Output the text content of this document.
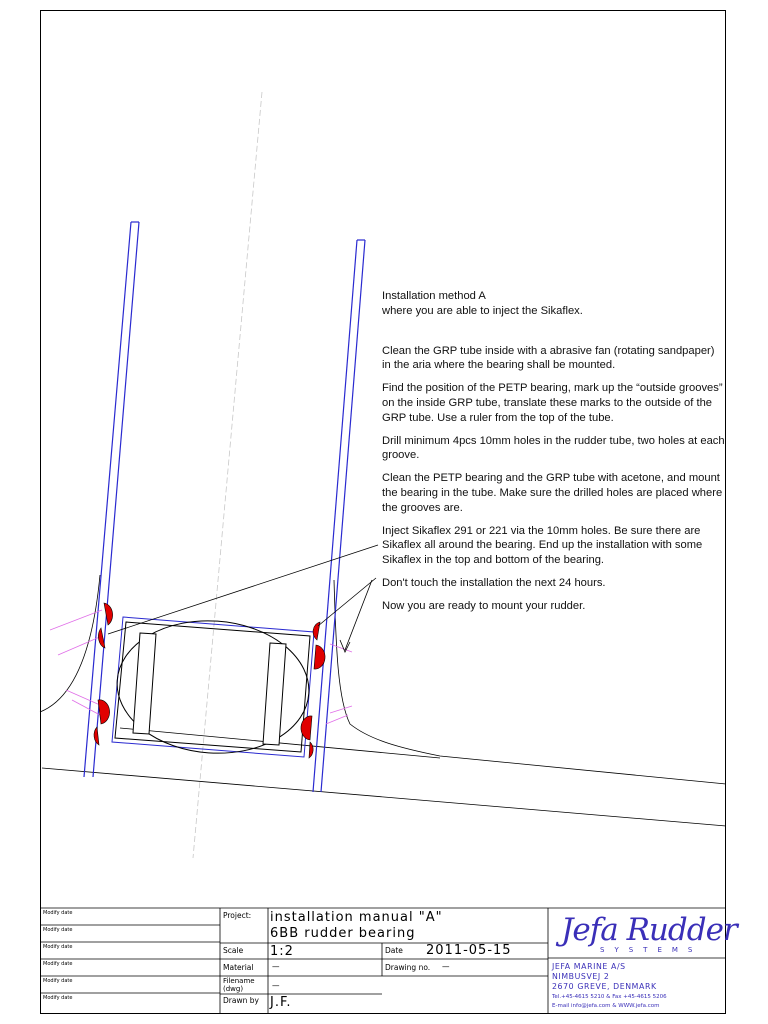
Installation method A

where you are able to inject the Sikaflex.

Clean the GRP tube inside with a abrasive fan (rotating sandpaper) in the aria where the bearing shall be mounted.

Find the position of the PETP bearing, mark up the “outside grooves” on the inside GRP tube, translate these marks to the outside of the GRP tube. Use a ruler from the top of the tube.

Drill minimum 4pcs 10mm holes in the rudder tube, two holes at each groove.

Clean the PETP bearing and the GRP tube with acetone, and mount the bearing in the tube. Make sure the drilled holes are placed where the grooves are.

Inject Sikaflex 291 or 221 via the 10mm holes. Be sure there are Sikaflex all around the bearing. End up the installation with some Sikaflex in the top and bottom of the bearing.

Don't touch the installation the next 24 hours.

Now you are ready to mount your rudder.

Modify date
Modify date
Modify date
Modify date
Modify date
Modify date
Project: installation manual "A"
6BB rudder bearing
Scale 1:2	Date 2011-05-15
Material —	Drawing no. —
Filename (dwg)	—
Drawn by J.F.
Jefa Rudder
SYSTEMS
JEFA MARINE A/S
NIMBUSVEJ 2
2670 GREVE, DENMARK
Tel.+45-4615 5210 & Fax +45-4615 5206
E-mail info@jefa.com & WWW.jefa.com
